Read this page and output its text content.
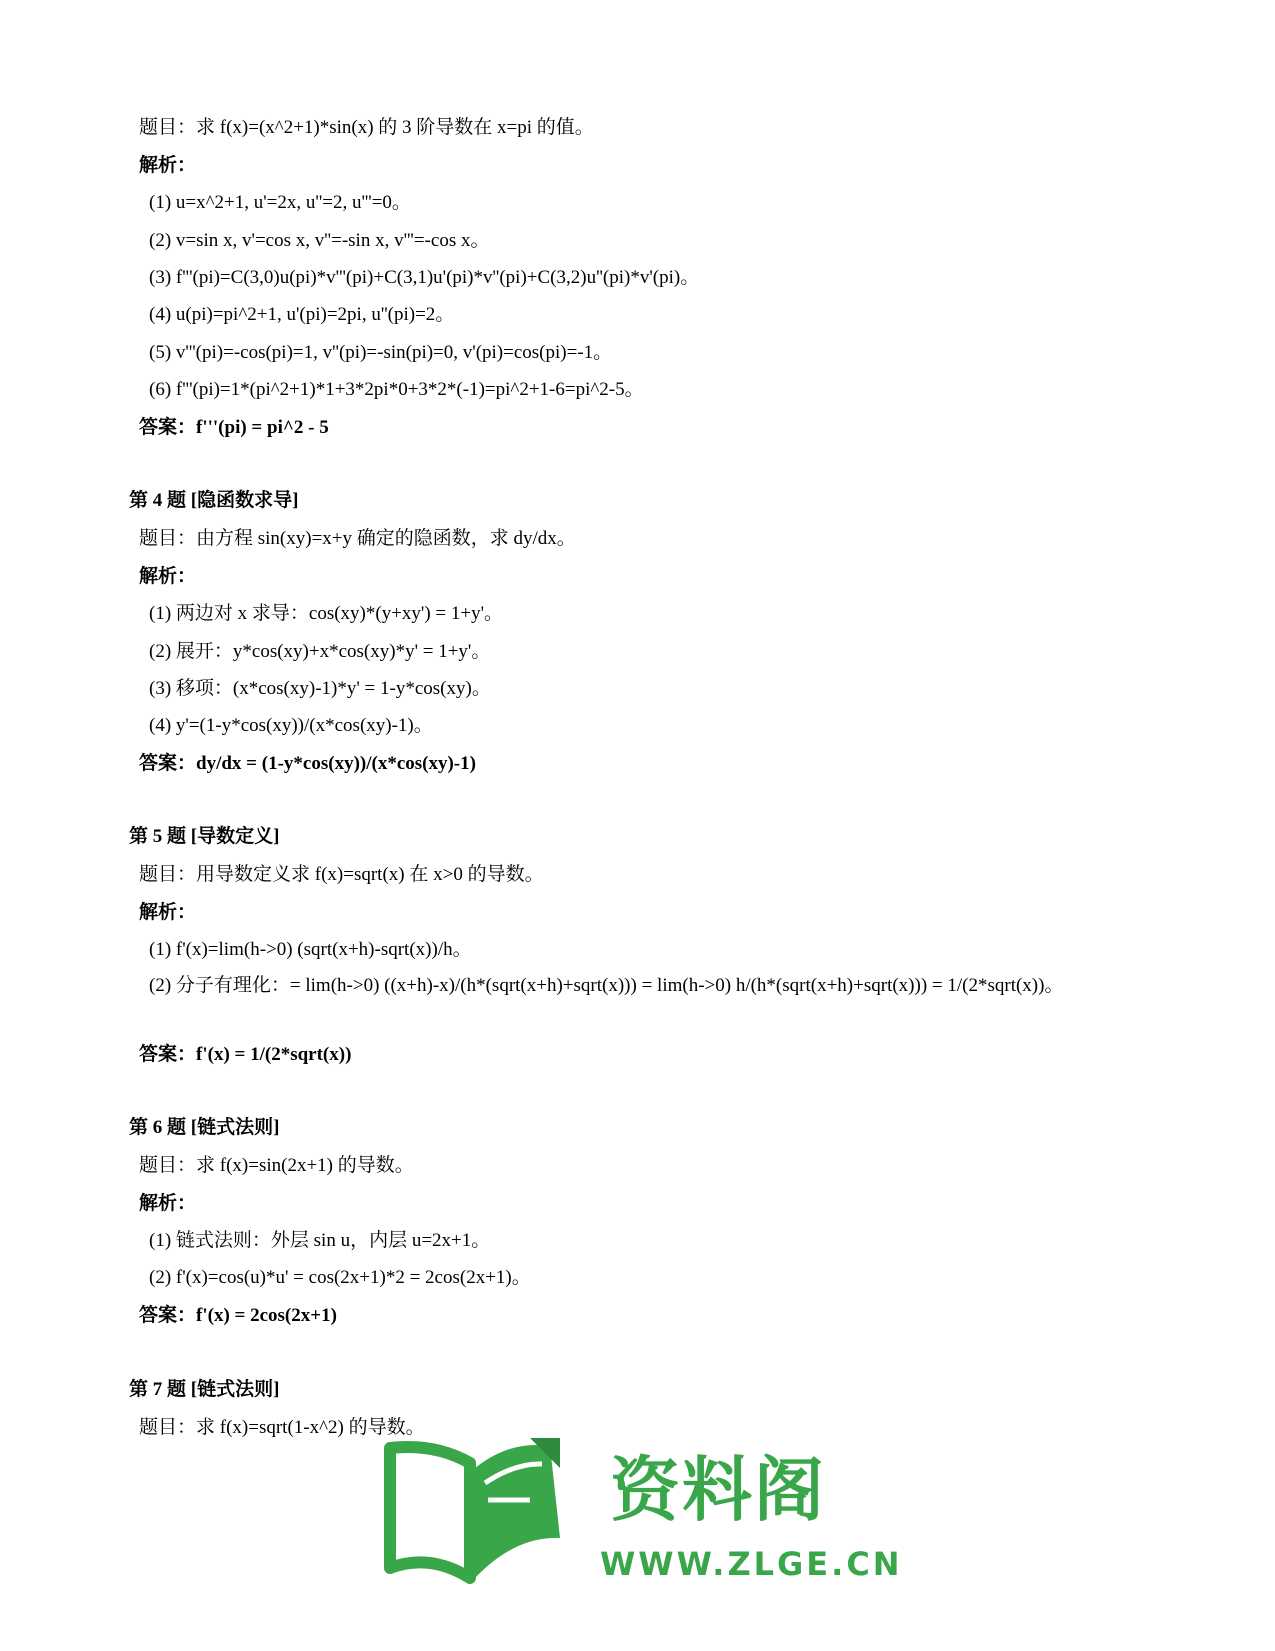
题目：求 f(x)=(x^2+1)*sin(x) 的 3 阶导数在 x=pi 的值。
解析：
(1) u=x^2+1, u'=2x, u''=2, u'''=0。
(2) v=sin x, v'=cos x, v''=-sin x, v'''=-cos x。
(3) f'''(pi)=C(3,0)u(pi)*v'''(pi)+C(3,1)u'(pi)*v''(pi)+C(3,2)u''(pi)*v'(pi)。
(4) u(pi)=pi^2+1, u'(pi)=2pi, u''(pi)=2。
(5) v'''(pi)=-cos(pi)=1, v''(pi)=-sin(pi)=0, v'(pi)=cos(pi)=-1。
(6) f'''(pi)=1*(pi^2+1)*1+3*2pi*0+3*2*(-1)=pi^2+1-6=pi^2-5。
答案：f'''(pi) = pi^2 - 5
第 4 题 [隐函数求导]
题目：由方程 sin(xy)=x+y 确定的隐函数，求 dy/dx。
解析：
(1) 两边对 x 求导：cos(xy)*(y+xy') = 1+y'。
(2) 展开：y*cos(xy)+x*cos(xy)*y' = 1+y'。
(3) 移项：(x*cos(xy)-1)*y' = 1-y*cos(xy)。
(4) y'=(1-y*cos(xy))/(x*cos(xy)-1)。
答案：dy/dx = (1-y*cos(xy))/(x*cos(xy)-1)
第 5 题 [导数定义]
题目：用导数定义求 f(x)=sqrt(x) 在 x>0 的导数。
解析：
(1) f'(x)=lim(h->0) (sqrt(x+h)-sqrt(x))/h。
(2) 分子有理化：= lim(h->0) ((x+h)-x)/(h*(sqrt(x+h)+sqrt(x))) = lim(h->0) h/(h*(sqrt(x+h)+sqrt(x))) = 1/(2*sqrt(x))。
答案：f'(x) = 1/(2*sqrt(x))
第 6 题 [链式法则]
题目：求 f(x)=sin(2x+1) 的导数。
解析：
(1) 链式法则：外层 sin u，内层 u=2x+1。
(2) f'(x)=cos(u)*u' = cos(2x+1)*2 = 2cos(2x+1)。
答案：f'(x) = 2cos(2x+1)
第 7 题 [链式法则]
题目：求 f(x)=sqrt(1-x^2) 的导数。
资料阁
WWW.ZLGE.CN
